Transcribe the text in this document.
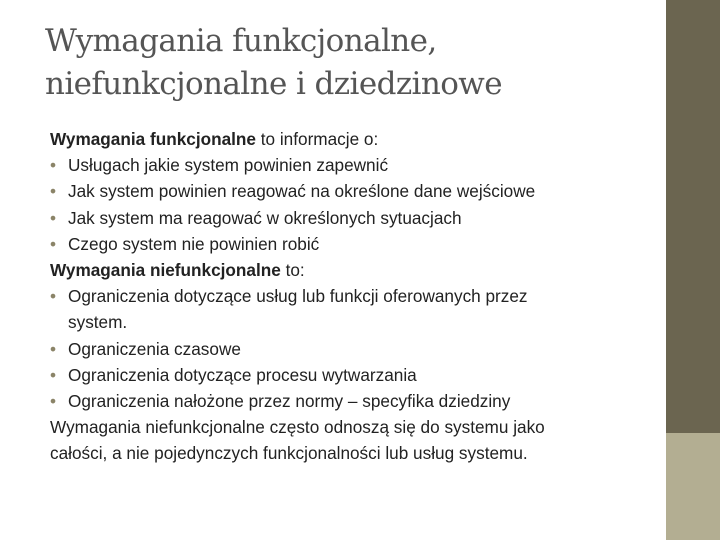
Wymagania funkcjonalne,
niefunkcjonalne i dziedzinowe
Wymagania funkcjonalne to informacje o:
• Usługach jakie system powinien zapewnić
• Jak system powinien reagować na określone dane wejściowe
• Jak system ma reagować w określonych sytuacjach
• Czego system nie powinien robić
Wymagania niefunkcjonalne to:
• Ograniczenia dotyczące usług lub funkcji oferowanych przez
system.
• Ograniczenia czasowe
• Ograniczenia dotyczące procesu wytwarzania
• Ograniczenia nałożone przez normy – specyfika dziedziny
Wymagania niefunkcjonalne często odnoszą się do systemu jako
całości, a nie pojedynczych funkcjonalności lub usług systemu.
